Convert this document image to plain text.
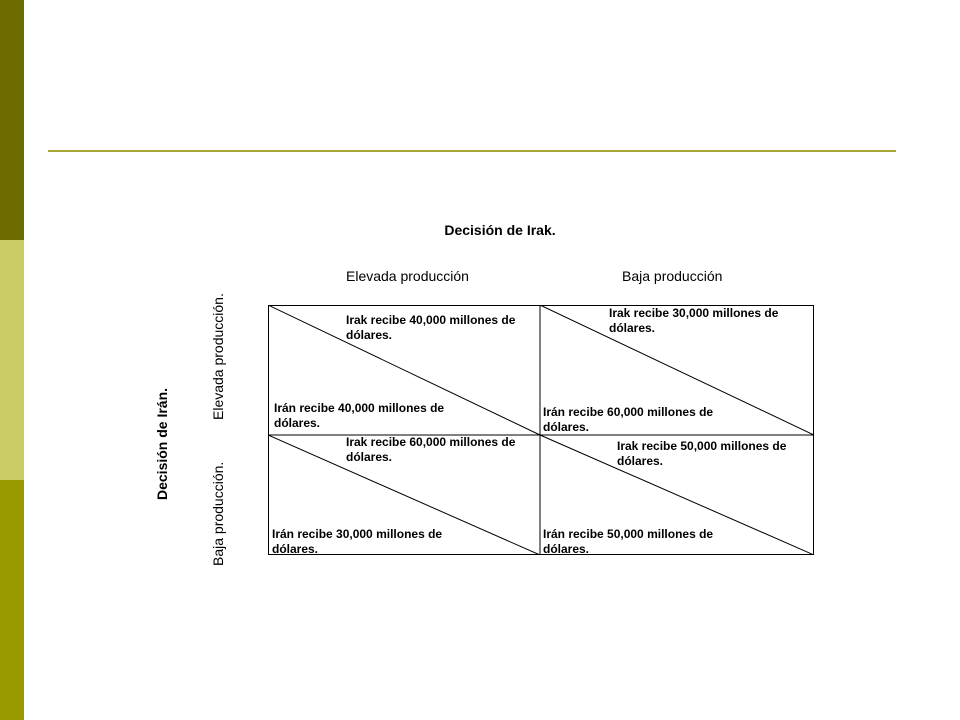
Decisión de Irak.
Elevada producción	Baja producción
Decisión de Irán.
Elevada producción.
Baja producción.
Irak recibe 40,000 millones de
dólares.
Irán recibe 40,000 millones de
dólares.
Irak recibe 30,000 millones de
dólares.
Irán recibe 60,000 millones de
dólares.
Irak recibe 60,000 millones de
dólares.
Irán recibe 30,000 millones de
dólares.
Irak recibe 50,000 millones de
dólares.
Irán recibe 50,000 millones de
dólares.
